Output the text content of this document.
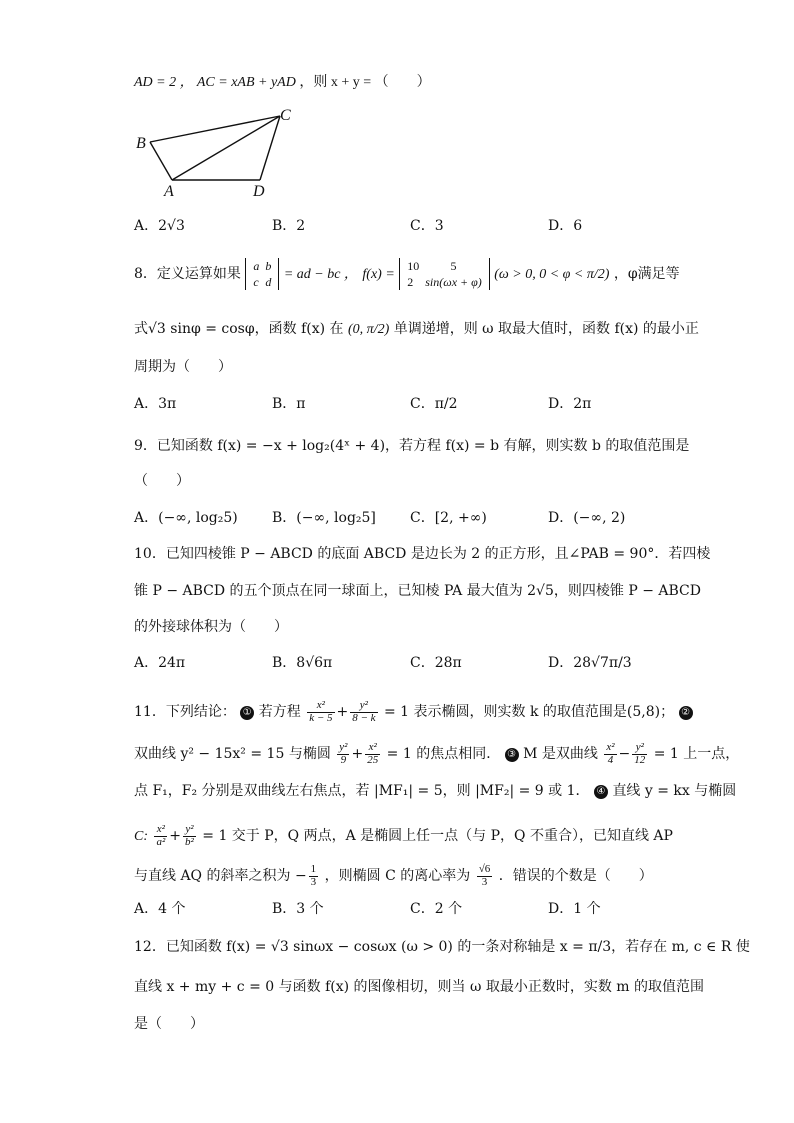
AD = 2 ， AC = xAB + yAD ，则 x + y = （　　）
B
C
A	D
A．2√3	B．2	C．3	D．6
8．定义运算如果
a	b
c	d = ad − bc ， f(x) =
10	5
2	sin(ωx + φ) (ω > 0, 0 < φ < π/2) ，φ满足等
式√3 sinφ = cosφ，函数 f(x) 在 (0, π/2) 单调递增，则 ω 取最大值时，函数 f(x) 的最小正
周期为（　　）
A．3π	B．π	C．π/2	D．2π
9．已知函数 f(x) = −x + log₂(4ˣ + 4)，若方程 f(x) = b 有解，则实数 b 的取值范围是
（　　）
A．(−∞, log₂5) B．(−∞, log₂5] C．[2, +∞)	D．(−∞, 2)
10．已知四棱锥 P − ABCD 的底面 ABCD 是边长为 2 的正方形，且∠PAB = 90°．若四棱
锥 P − ABCD 的五个顶点在同一球面上，已知棱 PA 最大值为 2√5，则四棱锥 P − ABCD
的外接球体积为（　　）
A．24π	B．8√6π	C．28π	D．28√7π/3
11．下列结论： ① 若方程 $\frac{\text{x²}}{k - 5} + \frac{\text{y²}}{8 - k} = 1$ 表示椭圆，则实数 k 的取值范围是(5,8)； ②
双曲线 y² − 15x² = 15 与椭圆 $\frac{\text{y²}}{9} + \frac{\text{x²}}{25} = 1$ 的焦点相同． ③ M 是双曲线 $\frac{\text{x²}}{4} - \frac{\text{y²}}{12} = 1$ 上一点，
点 F₁，F₂ 分别是双曲线左右焦点，若 |MF₁| = 5，则 |MF₂| = 9 或 1． ④ 直线 y = kx 与椭圆
C: $\frac{\text{x²}}{\text{a²}} + \frac{\text{y²}}{\text{b²}} = 1$ 交于 P，Q 两点，A 是椭圆上任一点（与 P，Q 不重合），已知直线 AP
与直线 AQ 的斜率之积为 − $\frac{1}{3}$ ，则椭圆 C 的离心率为 $\frac{√6}{3}$ ．错误的个数是（　　）
A．4 个	B．3 个	C．2 个	D．1 个
12．已知函数 f(x) = √3 sinωx − cosωx (ω > 0) 的一条对称轴是 x = π/3，若存在 m, c ∈ R 使
直线 x + my + c = 0 与函数 f(x) 的图像相切，则当 ω 取最小正数时，实数 m 的取值范围
是（　　）
